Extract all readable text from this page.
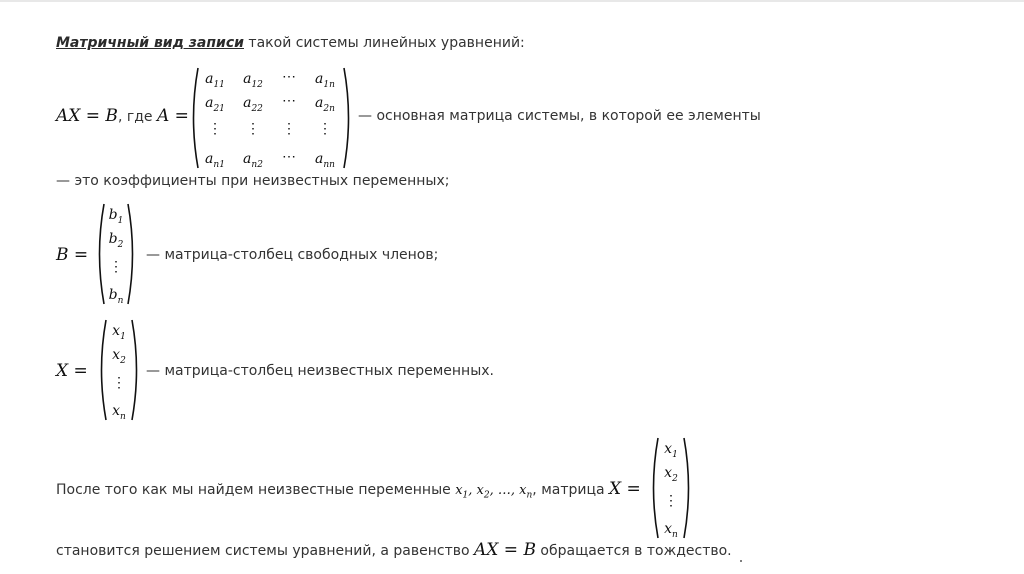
Матричный вид записи такой системы линейных уравнений:
AX = B, где A =
$a_{11}$	$a_{12}$	⋯	$a_{1n}$
$a_{21}$	$a_{22}$	⋯	$a_{2n}$
⋮	⋮	⋮	⋮
$a_{n1}$	$a_{n2}$	⋯	$a_{nn}$
— основная матрица системы, в которой ее элементы
— это коэффициенты при неизвестных переменных;
B =
$b_1$
$b_2$
⋮
$b_n$
— матрица-столбец свободных членов;
X =
$x_1$
$x_2$
⋮
$x_n$
— матрица-столбец неизвестных переменных.
После того как мы найдем неизвестные переменные $x_1$, $x_2$, …, $x_n$, матрица X =
$x_1$
$x_2$
⋮
$x_n$
становится решением системы уравнений, а равенство AX = B обращается в тождество.
